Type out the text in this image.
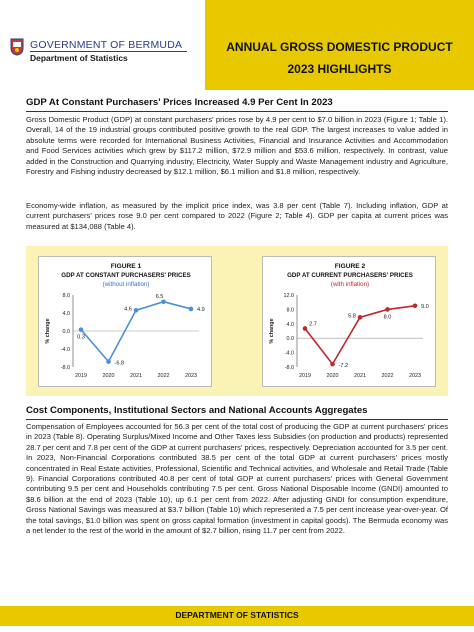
GOVERNMENT OF BERMUDA
Department of Statistics
ANNUAL GROSS DOMESTIC PRODUCT
2023 HIGHLIGHTS
GDP At Constant Purchasers' Prices Increased 4.9 Per Cent In 2023
Gross Domestic Product (GDP) at constant purchasers' prices rose by 4.9 per cent to $7.0 billion in 2023 (Figure 1; Table 1). Overall, 14 of the 19 industrial groups contributed positive growth to the real GDP. The largest increases to value added in absolute terms were recorded for International Business Activities, Financial and Insurance Activities and Accommodation and Food Services activities which grew by $117.2 million, $72.9 million and $53.6 million, respectively. In contrast, value added in the Construction and Quarrying industry, Electricity, Water Supply and Waste Management industry and Agriculture, Forestry and Fishing industry decreased by $12.1 million, $6.1 million and $1.8 million, respectively.
Economy-wide inflation, as measured by the implicit price index, was 3.8 per cent (Table 7). Including inflation, GDP at current purchasers' prices rose 9.0 per cent compared to 2022 (Figure 2; Table 4). GDP per capita at current prices was measured at $134,088 (Table 4).
FIGURE 1
GDP AT CONSTANT PURCHASERS' PRICES
(without inflation)
8.0
4.0
0.0
-4.0
-8.0
% change
2019	2020	2021	2022	2023
0.3
-6.8
4.6
6.5
4.9
FIGURE 2
GDP AT CURRENT PURCHASERS' PRICES
(with inflation)
12.0
8.0
4.0
0.0
-4.0
-8.0
% change
2019	2020	2021	2022	2023
2.7
-7.2
5.8	8.0
9.0
Cost Components, Institutional Sectors and National Accounts Aggregates
Compensation of Employees accounted for 56.3 per cent of the total cost of producing the GDP at current purchasers' prices in 2023 (Table 8). Operating Surplus/Mixed Income and Other Taxes less Subsidies (on production and products) represented 28.7 per cent and 7.8 per cent of the GDP at current purchasers' prices, respectively. Depreciation accounted for 3.5 per cent. In 2023, Non-Financial Corporations contributed 38.5 per cent of the total GDP at current purchasers' prices mostly concentrated in Real Estate activities, Professional, Scientific and Technical activities, and Wholesale and Retail Trade (Table 9). Financial Corporations contributed 40.8 per cent of total GDP at current purchasers' prices with General Government contributing 9.5 per cent and Households contributing 7.5 per cent. Gross National Disposable Income (GNDI) amounted to $8.6 billion at the end of 2023 (Table 10), up 6.1 per cent from 2022. After adjusting GNDI for consumption expenditure, Gross National Savings was measured at $3.7 billion (Table 10) which represented a 7.5 per cent increase year-over-year. Of the total savings, $1.0 billion was spent on gross capital formation (investment in capital goods). The Bermuda economy was a net lender to the rest of the world in the amount of $2.7 billion, rising 11.7 per cent from 2022.
DEPARTMENT OF STATISTICS
